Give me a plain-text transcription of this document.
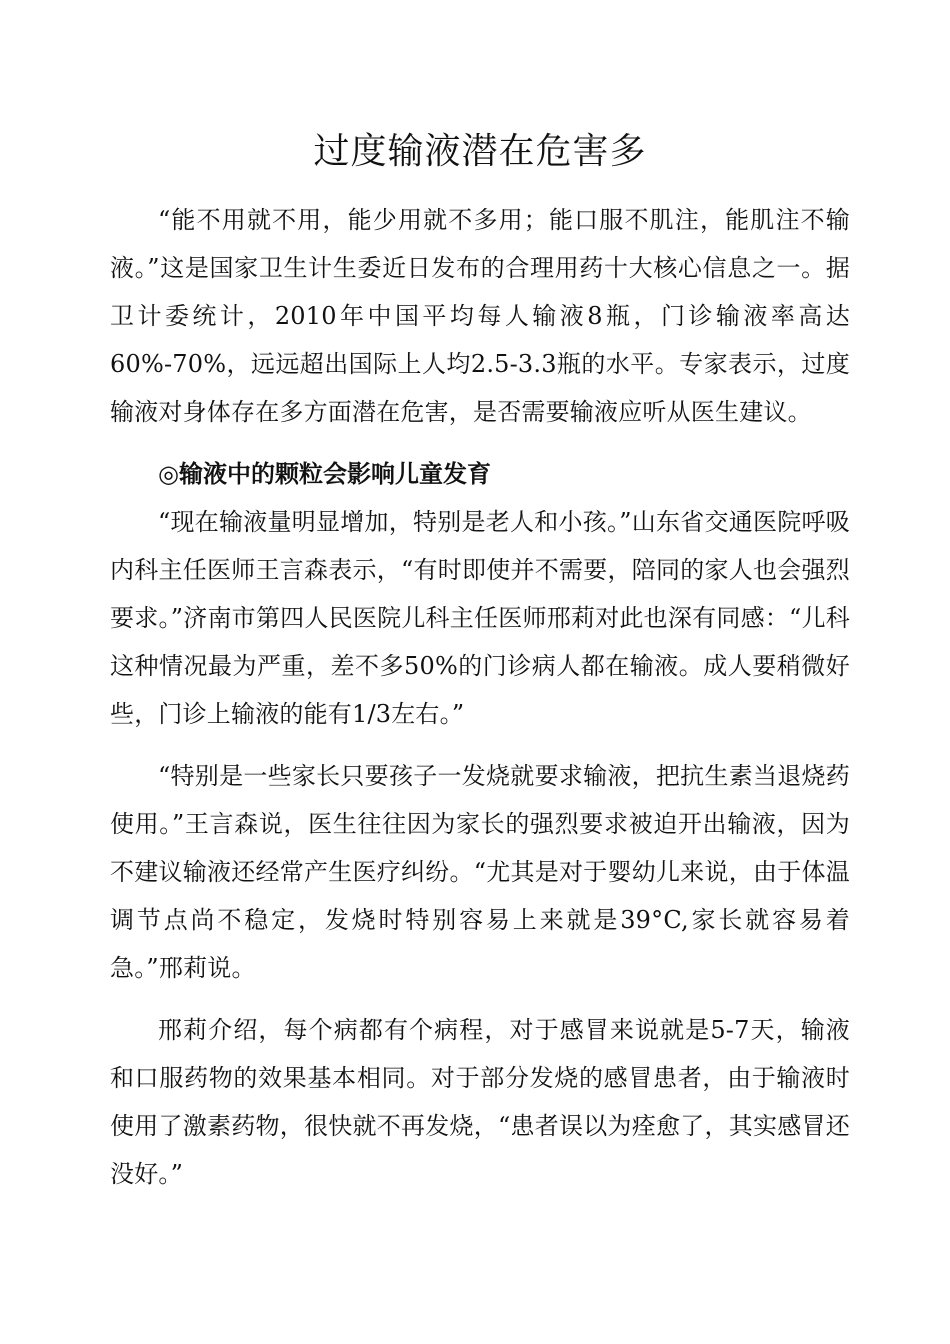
过度输液潜在危害多

“能不用就不用，能少用就不多用；能口服不肌注，能肌注不输液。”这是国家卫生计生委近日发布的合理用药十大核心信息之一。据卫计委统计，2010年中国平均每人输液8瓶，门诊输液率高达60%-70%，远远超出国际上人均2.5-3.3瓶的水平。专家表示，过度输液对身体存在多方面潜在危害，是否需要输液应听从医生建议。

◎输液中的颗粒会影响儿童发育

“现在输液量明显增加，特别是老人和小孩。”山东省交通医院呼吸内科主任医师王言森表示，“有时即使并不需要，陪同的家人也会强烈要求。”济南市第四人民医院儿科主任医师邢莉对此也深有同感：“儿科这种情况最为严重，差不多50%的门诊病人都在输液。成人要稍微好些，门诊上输液的能有1/3左右。”

“特别是一些家长只要孩子一发烧就要求输液，把抗生素当退烧药使用。”王言森说，医生往往因为家长的强烈要求被迫开出输液，因为不建议输液还经常产生医疗纠纷。“尤其是对于婴幼儿来说，由于体温调节点尚不稳定，发烧时特别容易上来就是39°C,家长就容易着急。”邢莉说。

邢莉介绍，每个病都有个病程，对于感冒来说就是5-7天，输液和口服药物的效果基本相同。对于部分发烧的感冒患者，由于输液时使用了激素药物，很快就不再发烧，“患者误以为痊愈了，其实感冒还没好。”
